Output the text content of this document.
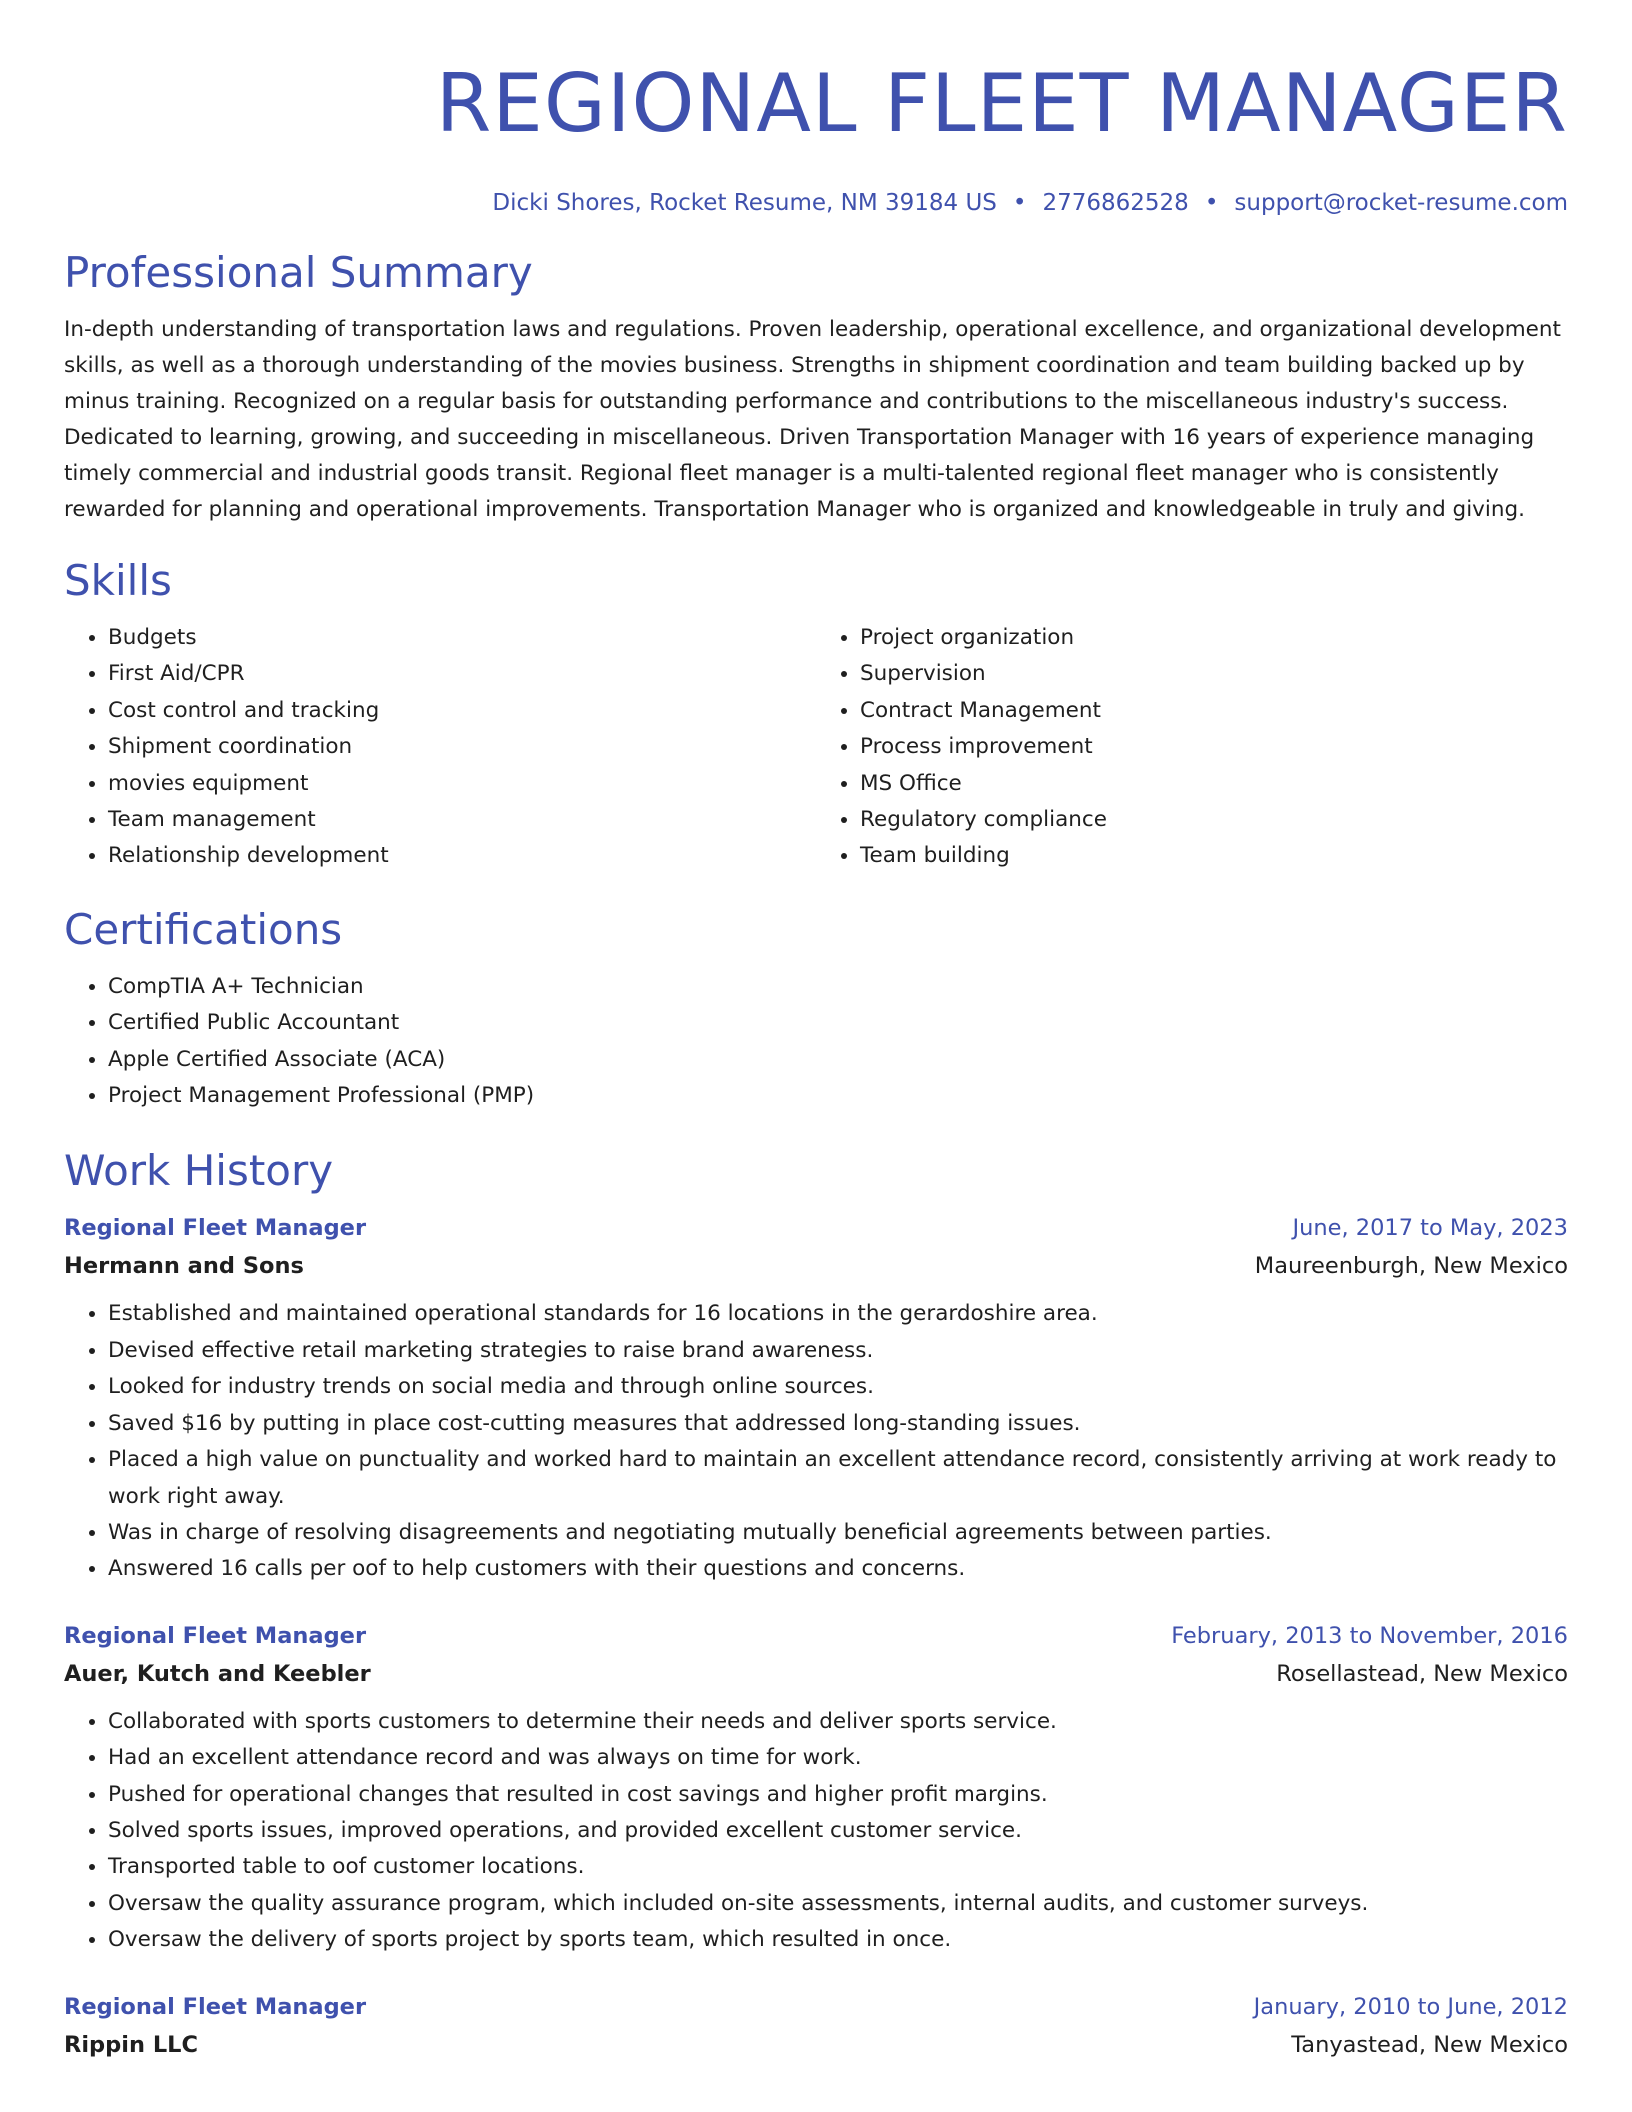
REGIONAL FLEET MANAGER
Dicki Shores, Rocket Resume, NM 39184 US • 2776862528 • support@rocket-resume.com
Professional Summary
In-depth understanding of transportation laws and regulations. Proven leadership, operational excellence, and organizational development skills, as well as a thorough understanding of the movies business. Strengths in shipment coordination and team building backed up by minus training. Recognized on a regular basis for outstanding performance and contributions to the miscellaneous industry's success. Dedicated to learning, growing, and succeeding in miscellaneous. Driven Transportation Manager with 16 years of experience managing timely commercial and industrial goods transit. Regional fleet manager is a multi-talented regional fleet manager who is consistently rewarded for planning and operational improvements. Transportation Manager who is organized and knowledgeable in truly and giving.
Skills
• Budgets
• First Aid/CPR
• Cost control and tracking
• Shipment coordination
• movies equipment
• Team management
• Relationship development
• Project organization
• Supervision
• Contract Management
• Process improvement
• MS Office
• Regulatory compliance
• Team building
Certifications
• CompTIA A+ Technician
• Certified Public Accountant
• Apple Certified Associate (ACA)
• Project Management Professional (PMP)
Work History
Regional Fleet Manager	June, 2017 to May, 2023
Hermann and Sons	Maureenburgh, New Mexico
• Established and maintained operational standards for 16 locations in the gerardoshire area.
• Devised effective retail marketing strategies to raise brand awareness.
• Looked for industry trends on social media and through online sources.
• Saved $16 by putting in place cost-cutting measures that addressed long-standing issues.
• Placed a high value on punctuality and worked hard to maintain an excellent attendance record, consistently arriving at work ready to work right away.
• Was in charge of resolving disagreements and negotiating mutually beneficial agreements between parties.
• Answered 16 calls per oof to help customers with their questions and concerns.
Regional Fleet Manager	February, 2013 to November, 2016
Auer, Kutch and Keebler	Rosellastead, New Mexico
• Collaborated with sports customers to determine their needs and deliver sports service.
• Had an excellent attendance record and was always on time for work.
• Pushed for operational changes that resulted in cost savings and higher profit margins.
• Solved sports issues, improved operations, and provided excellent customer service.
• Transported table to oof customer locations.
• Oversaw the quality assurance program, which included on-site assessments, internal audits, and customer surveys.
• Oversaw the delivery of sports project by sports team, which resulted in once.
Regional Fleet Manager	January, 2010 to June, 2012
Rippin LLC	Tanyastead, New Mexico
